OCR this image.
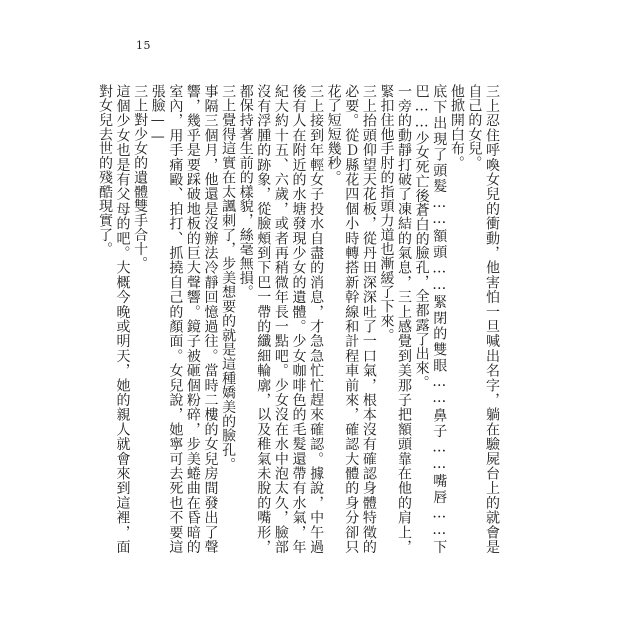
15

三上忍住呼喚女兒的衝動，他害怕一旦喊出名字，躺在驗屍台上的就會是自己的女兒。

他掀開白布。

底下出現了頭髮……額頭……緊閉的雙眼……鼻子……嘴唇……下巴……少女死亡後蒼白的臉孔，全都露了出來。

一旁的動靜打破了凍結的氣息，三上感覺到美那子把額頭靠在他的肩上，緊扣住他手肘的指頭力道也漸緩了下來。

三上抬頭仰望天花板，從丹田深深吐了一口氣，根本沒有確認身體特徵的必要。從Ｄ縣花四個小時轉搭新幹線和計程車前來，確認大體的身分卻只花了短短幾秒。

三上接到年輕女子投水自盡的消息，才急急忙忙趕來確認。據說，中午過後有人在附近的水塘發現少女的遺體。少女咖啡色的毛髮還帶有水氣，年紀大約十五、六歲，或者再稍微年長一點吧。少女沒在水中泡太久，臉部沒有浮腫的跡象，從臉頰到下巴一帶的纖細輪廓，以及稚氣未脫的嘴形，都保持著生前的樣貌，絲毫無損。

三上覺得這實在太諷刺了，步美想要的就是這種嬌美的臉孔。

事隔三個月，他還是沒辦法冷靜回憶過往。當時二樓的女兒房間發出了聲響，幾乎是要踩破地板的巨大聲響。鏡子被砸個粉碎，步美蜷曲在昏暗的室內，用手痛毆、拍打、抓撓自己的顏面。女兒說，她寧可去死也不要這張臉——

三上對少女的遺體雙手合十。

這個少女也是有父母的吧。大概今晚或明天，她的親人就會來到這裡，面對女兒去世的殘酷現實了。
